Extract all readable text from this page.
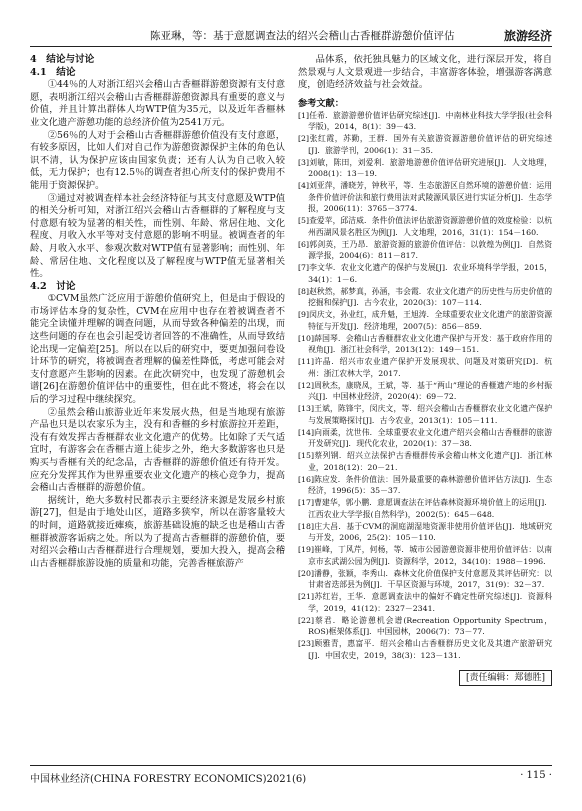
陈亚琳，等：基于意愿调查法的绍兴会稽山古香榧群游憩价值评估	旅游经济
4　结论与讨论
4.1　结论

①44％的人对浙江绍兴会稽山古香榧群游憩资源有支付意愿，表明浙江绍兴会稽山古香榧群游憩资源具有重要的意义与价值，并且计算出群体人均WTP值为35元，以及近年香榧林业文化遗产游憩功能的总经济价值为2541万元。

②56％的人对于会稽山古香榧群游憩价值没有支付意愿，有较多原因，比如人们对自己作为游憩资源保护主体的角色认识不清，认为保护应该由国家负责；还有人认为自己收入较低，无力保护；也有12.5％的调查者担心所支付的保护费用不能用于资源保护。

③通过对被调查样本社会经济特征与其支付意愿及WTP值的相关分析可知，对浙江绍兴会稽山古香榧群的了解程度与支付意愿有较为显著的相关性，而性别、年龄、常居住地、文化程度、月收入水平等对支付意愿的影响不明显。被调查者的年龄、月收入水平、参观次数对WTP值有显著影响；而性别、年龄、常居住地、文化程度以及了解程度与WTP值无显著相关性。

4.2　讨论

①CVM虽然广泛应用于游憩价值研究上，但是由于假设的市场评估本身的复杂性，CVM在应用中也存在着被调查者不能完全读懂并理解的调查问题，从而导致各种偏差的出现，而这些问题的存在也会引起受访者回答的不准确性，从而导致结论出现一定偏差[25]。所以在以后的研究中，要更加强问卷设计环节的研究，将被调查者理解的偏差性降低，考虑可能会对支付意愿产生影响的因素。在此次研究中，也发现了游憩机会谱[26]在游憩价值评估中的重要性，但在此不赘述，将会在以后的学习过程中继续探究。

②虽然会稽山旅游业近年来发展火热，但是当地现有旅游产品也只是以农家乐为主，没有和香榧的乡村旅游拉开差距，没有有效发挥古香榧群农业文化遗产的优势。比如除了天气适宜时，有游客会在香榧古道上徒步之外，绝大多数游客也只是购买与香榧有关的纪念品，古香榧群的游憩价值还有待开发。应充分发挥其作为世界重要农业文化遗产的核心竞争力，提高会稽山古香榧群的游憩价值。

据统计，绝大多数村民都表示主要经济来源是发展乡村旅游[27]，但是由于地处山区，道路多狭窄，所以在游客量较大的时间，道路就接近瘫痪，旅游基础设施的缺乏也是稽山古香榧群被游客诟病之处。所以为了提高古香榧群的游憩价值，要对绍兴会稽山古香榧群进行合理规划，要加大投入，提高会稽山古香榧群旅游设施的质量和功能，完善香榧旅游产

品体系，依托独具魅力的区域文化，进行深层开发，将自然景观与人文景观进一步结合，丰富游客体验，增强游客满意度，创造经济效益与社会效益。

参考文献：

[1]任希．旅游游憩价值评估研究综述[J]．中南林业科技大学学报(社会科学版)，2014，8(1)：39－43.

[2]张红霞，苏勤，王群．国外有关旅游资源游憩价值评估的研究综述[J]．旅游学刊，2006(1)：31－35.

[3]刘敏，陈田，刘爱利．旅游地游憩价值评估研究进展[J]．人文地理，2008(1)：13－19.

[4]刘亚萍，潘晓芳，钟秋平，等．生态旅游区自然环境的游憩价值：运用条件价值评价法和旅行费用法对武陵源风景区进行实证分析[J]．生态学报，2006(11)：3765－3774.

[5]查爱苹，邱洁威．条件价值法评估旅游资源游憩价值的效度检验：以杭州西湖风景名胜区为例[J]．人文地理，2016，31(1)：154－160.

[6]郭剑英，王乃昂．旅游资源的旅游价值评估：以敦煌为例[J]．自然资源学报，2004(6)：811－817.

[7]李文华．农业文化遗产的保护与发展[J]．农业环境科学学报，2015，34(1)：1－6.

[8]赵秋然，郝梦真，孙涵，韦会霞．农业文化遗产的历史性与历史价值的挖掘和保护[J]．古今农业，2020(3)：107－114.

[9]闵庆文，孙业红，成升魁，王旭涛．全球重要农业文化遗产的旅游资源特征与开发[J]．经济地理，2007(5)：856－859.

[10]薛国琴．会稽山古香榧群农业文化遗产保护与开发：基于政府作用的视角[J]．浙江社会科学，2013(12)：149－151.

[11]许晶．绍兴市农业遗产保护开发展现状、问题及对策研究[D]．杭州：浙江农林大学，2017.

[12]周秋杰，康晓凤，王斌，等．基于“两山”理论的香榧遗产地的乡村振兴[J]．中国林业经济，2020(4)：69－72.

[13]王斌，陈锋宇，闵庆文，等．绍兴会稽山古香榧群农业文化遗产保护与发展策略探讨[J]．古今农业，2013(1)：105－111.

[14]向雨柔，沈世伟．全球重要农业文化遗产绍兴会稽山古香榧群的旅游开发研究[J]．现代化农业，2020(1)：37－38.

[15]蔡列钢．绍兴立法保护古香榧群传承会稽山林文化遗产[J]．浙江林业，2018(12)：20－21.

[16]陈应发．条件价值法：国外最重要的森林游憩价值评估方法[J]．生态经济，1996(5)：35－37.

[17]曹建华，郭小鹏．意愿调查法在评估森林资源环境价值上的运用[J]．江西农业大学学报(自然科学)，2002(5)：645－648.

[18]庄大昌．基于CVM的洞庭湖湿地资源非使用价值评估[J]．地域研究与开发，2006，25(2)：105－110.

[19]崔峰，丁风芹，何杨，等．城市公园游憩资源非使用价值评估：以南京市玄武湖公园为例[J]．资源科学，2012，34(10)：1988－1996.

[20]潘静，张颖，李秀山．森林文化价值保护支付意愿及其评估研究：以甘肃省迭部县为例[J]．干旱区资源与环境，2017，31(9)：32－37.

[21]苏红岩，王华．意愿调查法中的偏好不确定性研究综述[J]．资源科学，2019，41(12)：2327－2341.

[22]蔡君．略论游憩机会谱(Recreation Opportunity Spectrum，ROS)框架体系[J]．中国园林，2006(7)：73－77.

[23]顾雅青，惠富平．绍兴会稽山古香榧群历史文化及其遗产旅游研究[J]．中国农史，2019，38(3)：123－131.

[责任编辑：郑德胜]
中国林业经济(CHINA FORESTRY ECONOMICS)2021(6)	· 115 ·
